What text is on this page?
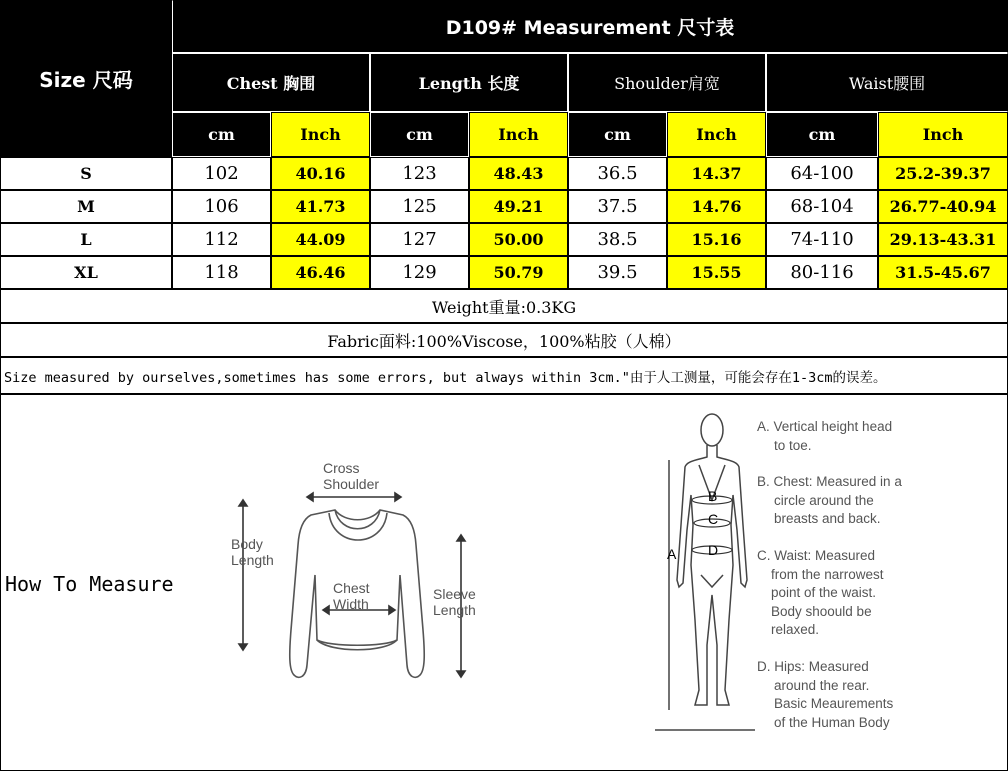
Size 尺码
D109# Measurement 尺寸表
Chest 胸围	Length 长度	Shoulder肩宽	Waist腰围
cm	Inch	cm	Inch	cm	Inch	cm	Inch
S	102	40.16	123	48.43	36.5	14.37	64-100	25.2-39.37
M	106	41.73	125	49.21	37.5	14.76	68-104 26.77-40.94
L	112	44.09	127	50.00	38.5	15.16	74-110 29.13-43.31
XL	118	46.46	129	50.79	39.5	15.55	80-116	31.5-45.67
Weight重量:0.3KG
Fabric面料:100%Viscose，100%粘胶（人棉）
Size measured by ourselves,sometimes has some errors, but always within 3cm."由于人工测量，可能会存在1-3cm的误差。
How To Measure
Cross
Shoulder
Body
Length
Chest
Width
Sleeve
Length
A
B
C
D
A. Vertical height head
to toe.
B. Chest: Measured in a
circle around the
breasts and back.
C. Waist: Measured
from the narrowest
point of the waist.
Body shoould be
relaxed.
D. Hips: Measured
around the rear.
Basic Meaurements
of the Human Body
